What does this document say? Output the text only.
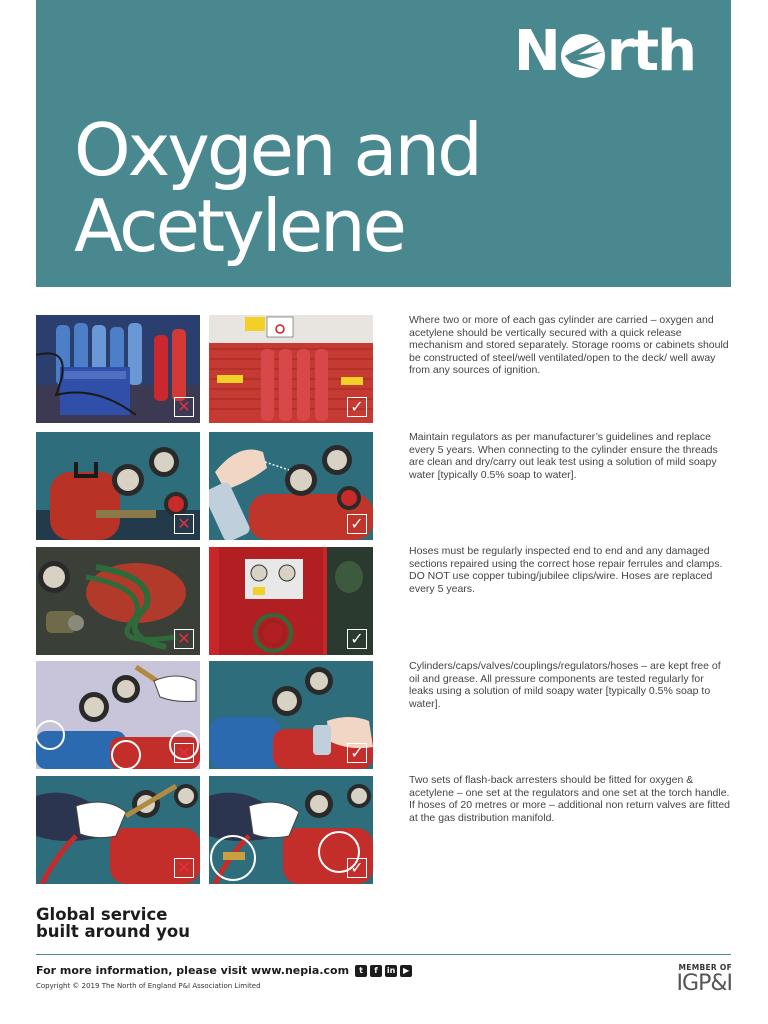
N rth
Oxygen and
Acetylene
✕	✓
✕	✓
✕	✓
✕	✓
✕	✓

Where two or more of each gas cylinder are carried – oxygen and acetylene should be vertically secured with a quick release mechanism and stored separately. Storage rooms or cabinets should be constructed of steel/well ventilated/open to the deck/ well away from any sources of ignition.

Maintain regulators as per manufacturer’s guidelines and replace every 5 years. When connecting to the cylinder ensure the threads are clean and dry/carry out leak test using a solution of mild soapy water [typically 0.5% soap to water].

Hoses must be regularly inspected end to end and any damaged sections repaired using the correct hose repair ferrules and clamps. DO NOT use copper tubing/jubilee clips/wire. Hoses are replaced every 5 years.

Cylinders/caps/valves/couplings/regulators/hoses – are kept free of oil and grease. All pressure components are tested regularly for leaks using a solution of mild soapy water [typically 0.5% soap to water].

Two sets of flash-back arresters should be fitted for oxygen & acetylene – one set at the regulators and one set at the torch handle. If hoses of 20 metres or more – additional non return valves are fitted at the gas distribution manifold.

Global service
built around you

For more information, please visit www.nepia.com	t	f	in ▶

Copyright © 2019 The North of England P&I Association Limited

MEMBER OF
IGP&I
